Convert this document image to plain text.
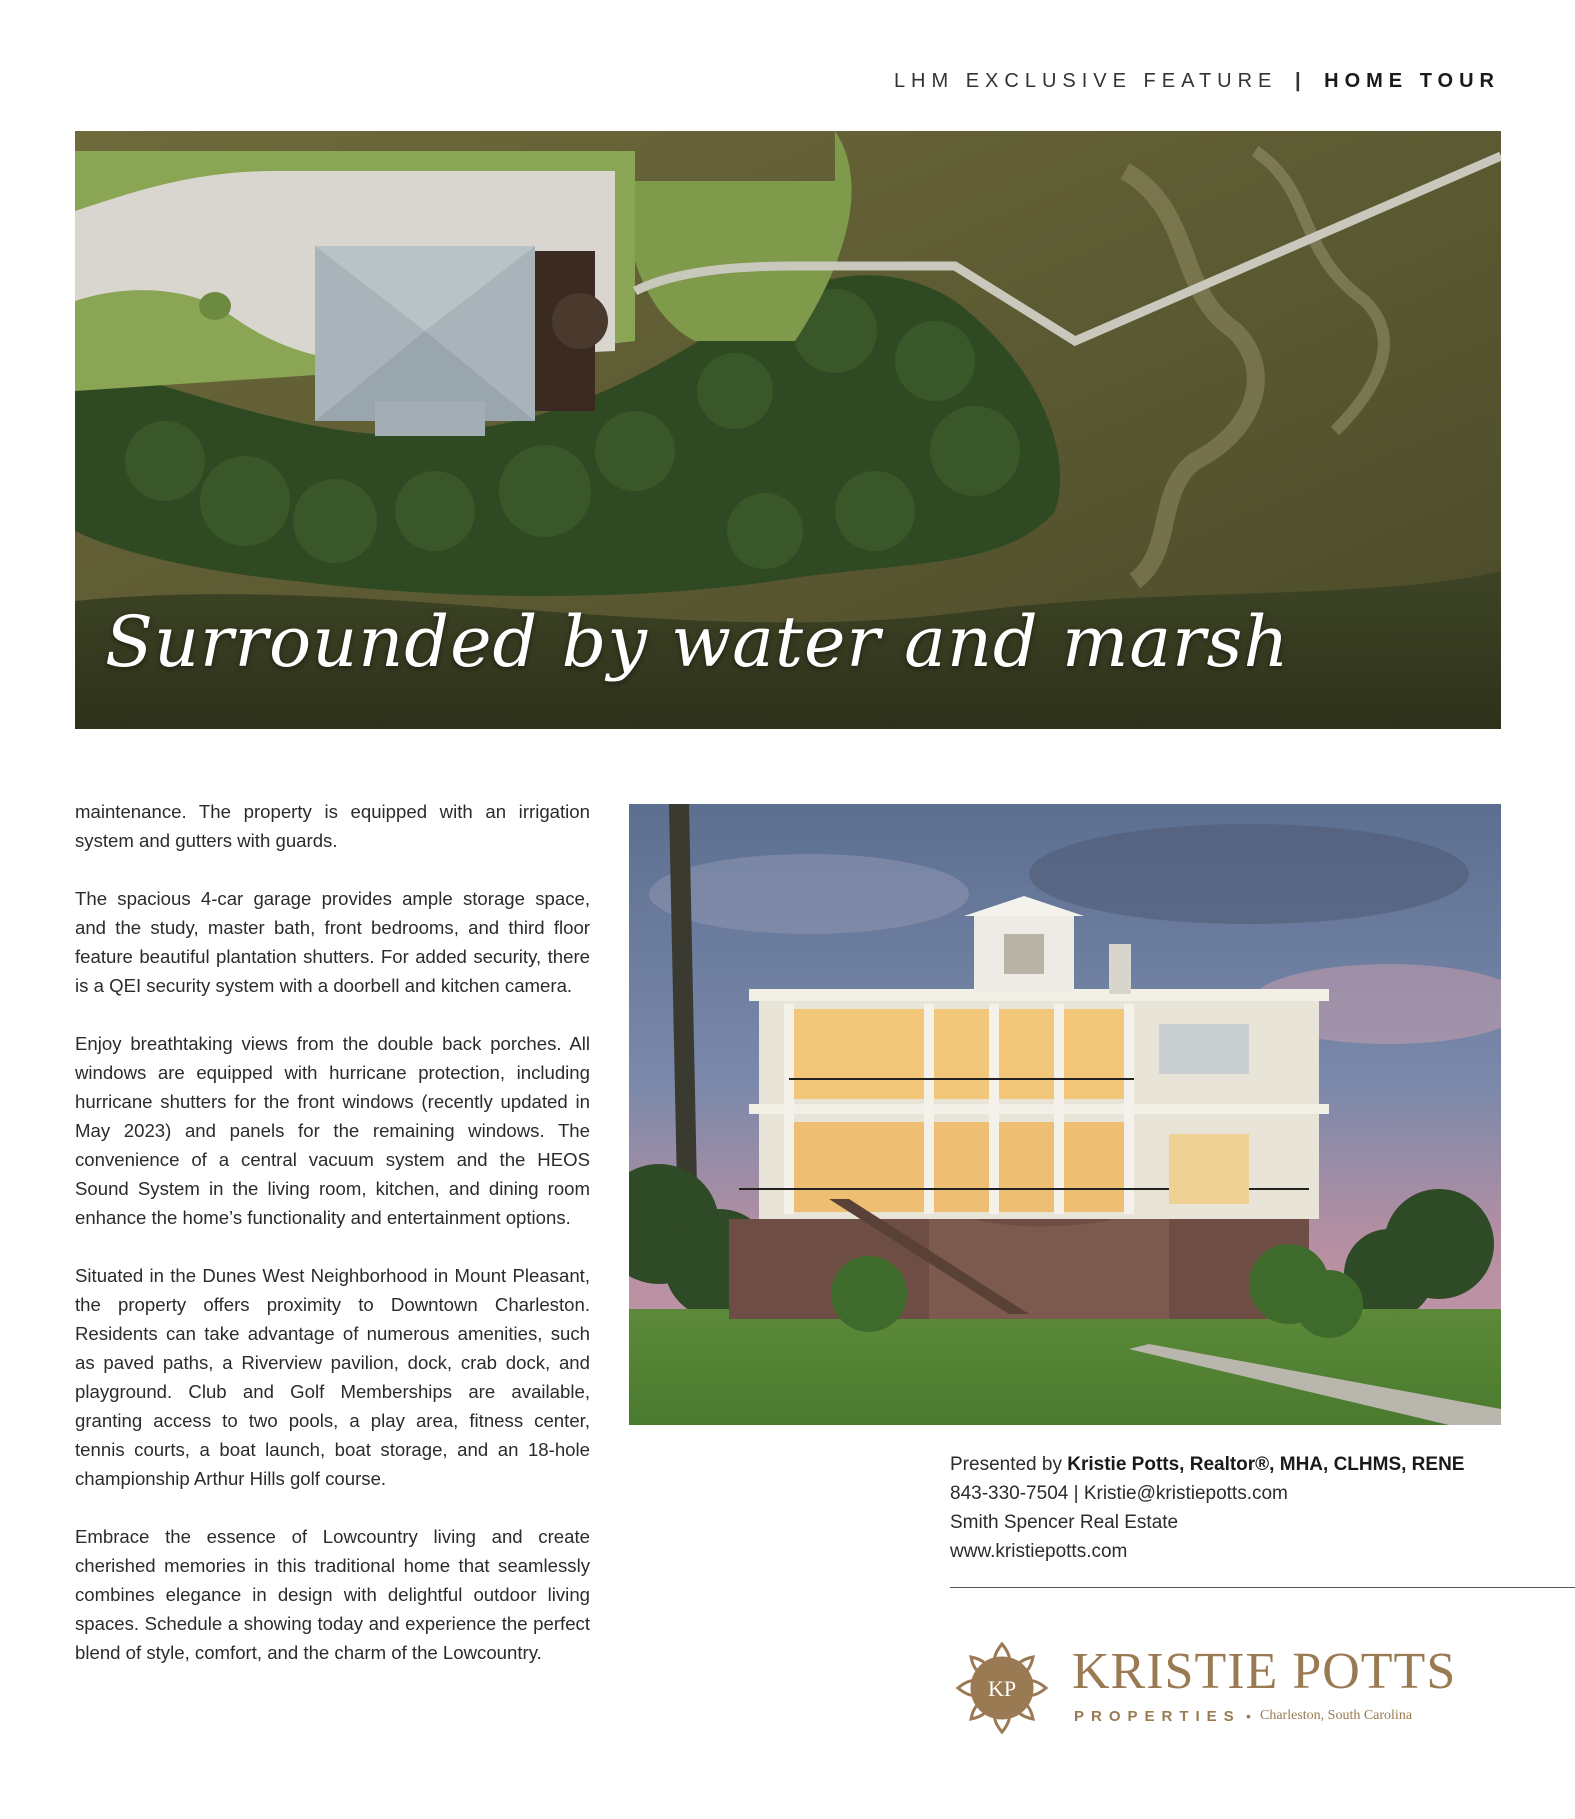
LHM EXCLUSIVE FEATURE | HOME TOUR
Surrounded by water and marsh

maintenance. The property is equipped with an irrigation system and gutters with guards.

The spacious 4-car garage provides ample storage space, and the study, master bath, front bedrooms, and third floor feature beautiful plantation shutters. For added security, there is a QEI security system with a doorbell and kitchen camera.

Enjoy breathtaking views from the double back porches. All windows are equipped with hurricane protection, including hurricane shutters for the front windows (recently updated in May 2023) and panels for the remaining windows. The convenience of a central vacuum system and the HEOS Sound System in the living room, kitchen, and dining room enhance the home’s functionality and entertainment options.

Situated in the Dunes West Neighborhood in Mount Pleasant, the property offers proximity to Downtown Charleston. Residents can take advantage of numerous amenities, such as paved paths, a Riverview pavilion, dock, crab dock, and playground. Club and Golf Memberships are available, granting access to two pools, a play area, fitness center, tennis courts, a boat launch, boat storage, and an 18-hole championship Arthur Hills golf course.

Embrace the essence of Lowcountry living and create cherished memories in this traditional home that seamlessly combines elegance in design with delightful outdoor living spaces. Schedule a showing today and experience the perfect blend of style, comfort, and the charm of the Lowcountry.

Presented by Kristie Potts, Realtor®, MHA, CLHMS, RENE
843-330-7504 | Kristie@kristiepotts.com
Smith Spencer Real Estate
www.kristiepotts.com
KP KRISTIE POTTS
PROPERTIES • Charleston, South Carolina
